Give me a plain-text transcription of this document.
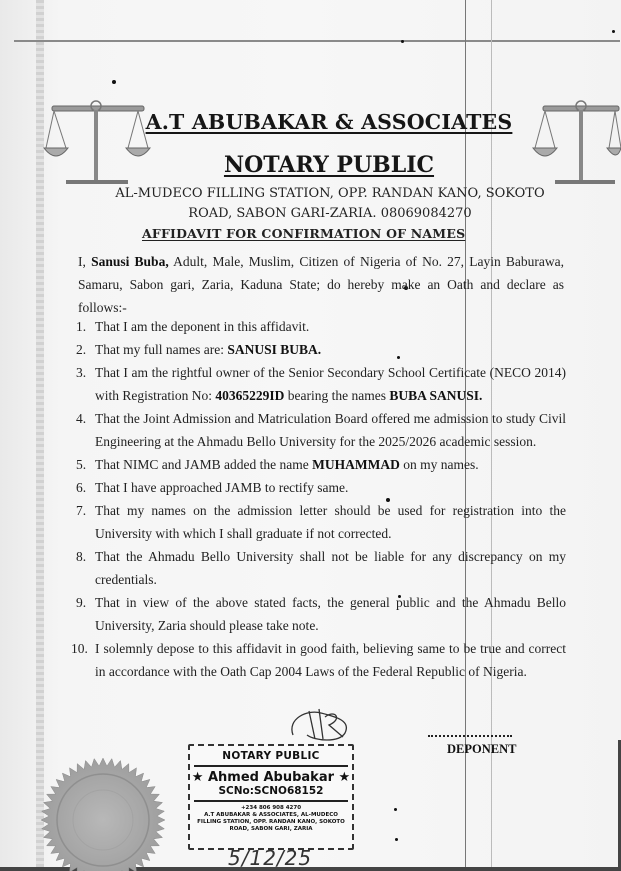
A.T ABUBAKAR & ASSOCIATES
NOTARY PUBLIC
AL-MUDECO FILLING STATION, OPP. RANDAN KANO, SOKOTO
ROAD, SABON GARI-ZARIA. 08069084270
AFFIDAVIT FOR CONFIRMATION OF NAMES
I, Sanusi Buba, Adult, Male, Muslim, Citizen of Nigeria of No. 27, Layin Baburawa, Samaru, Sabon gari, Zaria, Kaduna State; do hereby make an Oath and declare as follows:-
1. That I am the deponent in this affidavit.
2. That my full names are: SANUSI BUBA.
3. That I am the rightful owner of the Senior Secondary School Certificate (NECO 2014) with Registration No: 40365229ID bearing the names BUBA SANUSI.
4. That the Joint Admission and Matriculation Board offered me admission to study Civil Engineering at the Ahmadu Bello University for the 2025/2026 academic session.
5. That NIMC and JAMB added the name MUHAMMAD on my names.
6. That I have approached JAMB to rectify same.
7. That my names on the admission letter should be used for registration into the University with which I shall graduate if not corrected.
8. That the Ahmadu Bello University shall not be liable for any discrepancy on my credentials.
9. That in view of the above stated facts, the general public and the Ahmadu Bello University, Zaria should please take note.
10. I solemnly depose to this affidavit in good faith, believing same to be true and correct in accordance with the Oath Cap 2004 Laws of the Federal Republic of Nigeria.
NOTARY PUBLIC
★ Ahmed Abubakar ★
SCNo:SCNO68152
+234 806 908 4270
A.T ABUBAKAR & ASSOCIATES, AL-MUDECO FILLING STATION, OPP. RANDAN KANO, SOKOTO ROAD, SABON GARI, ZARIA
5/12/25
DEPONENT
